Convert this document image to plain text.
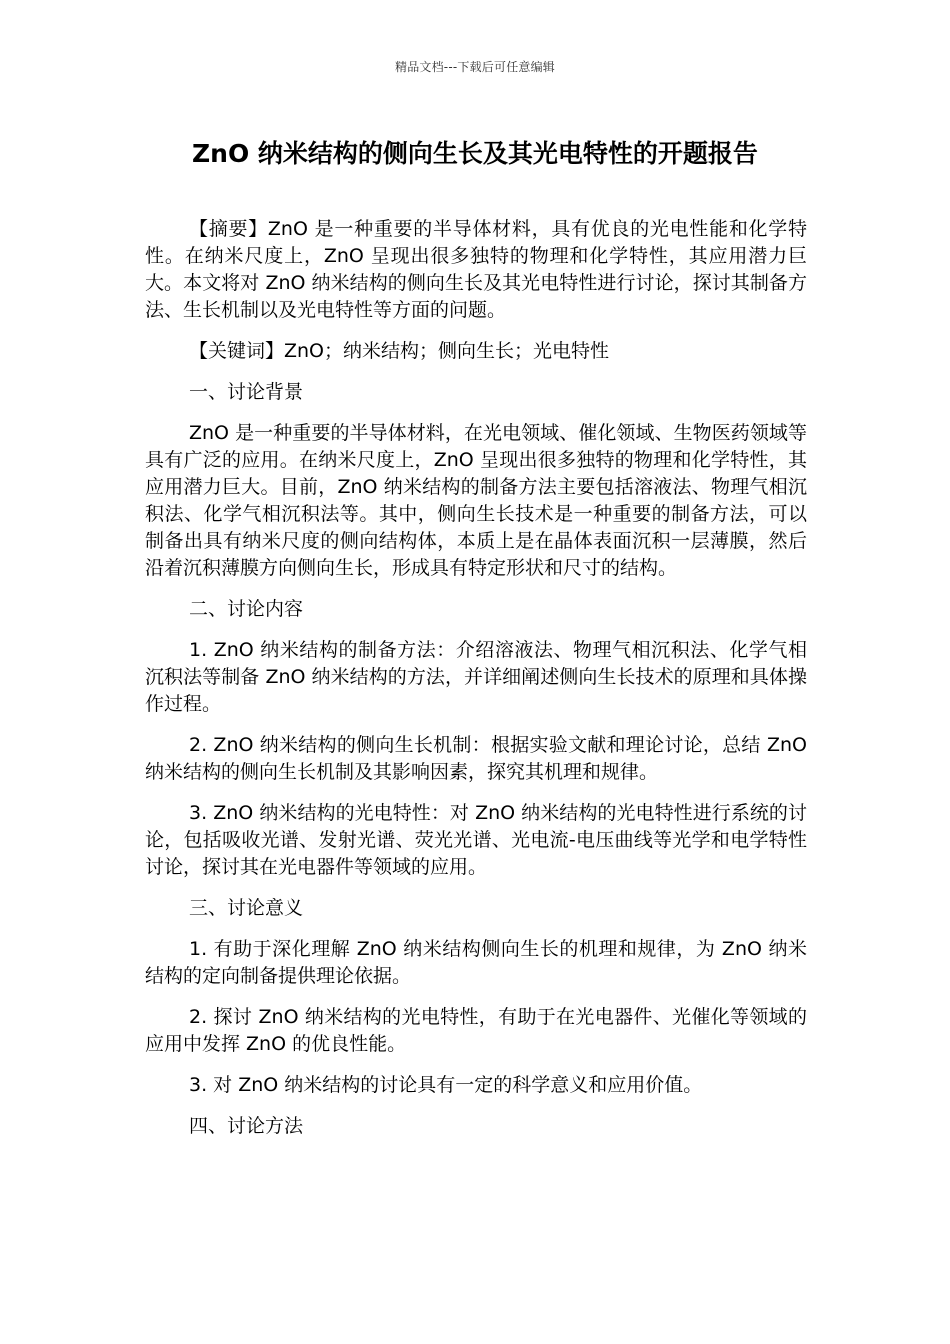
精品文档---下载后可任意编辑
ZnO 纳米结构的侧向生长及其光电特性的开题报告

【摘要】ZnO 是一种重要的半导体材料，具有优良的光电性能和化学特性。在纳米尺度上，ZnO 呈现出很多独特的物理和化学特性，其应用潜力巨大。本文将对 ZnO 纳米结构的侧向生长及其光电特性进行讨论，探讨其制备方法、生长机制以及光电特性等方面的问题。

【关键词】ZnO；纳米结构；侧向生长；光电特性

一、讨论背景

ZnO 是一种重要的半导体材料，在光电领域、催化领域、生物医药领域等具有广泛的应用。在纳米尺度上，ZnO 呈现出很多独特的物理和化学特性，其应用潜力巨大。目前，ZnO 纳米结构的制备方法主要包括溶液法、物理气相沉积法、化学气相沉积法等。其中，侧向生长技术是一种重要的制备方法，可以制备出具有纳米尺度的侧向结构体，本质上是在晶体表面沉积一层薄膜，然后沿着沉积薄膜方向侧向生长，形成具有特定形状和尺寸的结构。

二、讨论内容

1. ZnO 纳米结构的制备方法：介绍溶液法、物理气相沉积法、化学气相沉积法等制备 ZnO 纳米结构的方法，并详细阐述侧向生长技术的原理和具体操作过程。

2. ZnO 纳米结构的侧向生长机制：根据实验文献和理论讨论，总结 ZnO 纳米结构的侧向生长机制及其影响因素，探究其机理和规律。

3. ZnO 纳米结构的光电特性：对 ZnO 纳米结构的光电特性进行系统的讨论，包括吸收光谱、发射光谱、荧光光谱、光电流-电压曲线等光学和电学特性讨论，探讨其在光电器件等领域的应用。

三、讨论意义

1. 有助于深化理解 ZnO 纳米结构侧向生长的机理和规律，为 ZnO 纳米结构的定向制备提供理论依据。

2. 探讨 ZnO 纳米结构的光电特性，有助于在光电器件、光催化等领域的应用中发挥 ZnO 的优良性能。

3. 对 ZnO 纳米结构的讨论具有一定的科学意义和应用价值。

四、讨论方法
